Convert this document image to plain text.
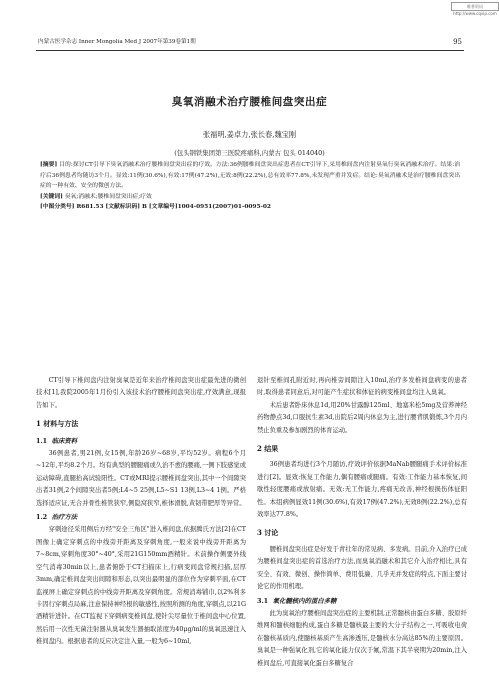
维普资讯 http://www.cqvip.com
内蒙古医学杂志 Inner Mongolia Med J 2007年第39卷第1期	95
臭氧消融术治疗腰椎间盘突出症
张福明,姜卓力,张长春,魏宝刚
(包头钢铁集团第三医院疼痛科,内蒙古 包头 014040)

[摘要] 目的:探讨CT引导下臭氧消融术治疗腰椎间盘突出症的疗效。方法:36例腰椎间盘突出症患者在CT引导下,采用椎间盘内注射臭氧行臭氧消融术治疗。结果:治疗后36例患者均随访3个月。显效:11例(30.6%),有效:17例(47.2%),无效:8例(22.2%),总有效率77.8%,未发现严重并发症。结论:臭氧消融术是治疗腰椎间盘突出症的一种有效、安全的微创方法。

[关键词] 臭氧;消融术;腰椎间盘突出症;疗效

[中图分类号] R681.53 [文献标识码] B [文章编号]1004-0951(2007)01-0095-02

CT引导下椎间盘内注射臭氧是近年来治疗椎间盘突出症最先进的微创技术[1],我院2005年1月份引入该技术治疗腰椎间盘突出症,疗效满意,现报告如下。

1 材料与方法

1.1 临床资料

36例患者,男21例,女15例,年龄26岁~68岁,平均52岁。病程6个月~12年,平均8.2个月。均有典型的腰腿痛或久治不愈的腰痛,一侧下肢感觉或运动障碍,直腿抬高试验阳性。CT或MRI提示腰椎间盘突出,其中一个间隙突出者31例,2个间隙突出者5例;L4~5 25例,L5~S1 13例,L3~4 1例。严格选择适应证,无合并骨性椎管狭窄,侧隐窝狭窄,椎体滑脱,黄韧带肥厚等异常。

1.2 治疗方法

穿刺途径采用侧后方经"安全三角区"进入椎间盘,依据腾氏方法[2]在CT图像上确定穿刺点的中线旁开距离及穿刺角度,一般来说中线旁开距离为7~8cm,穿刺角度30°~40°,采用21G150mm酒精针。术前操作侧要外线空气消毒30min以上,患者俯卧于CT扫描床上,行病变间盘常规扫描,层厚3mm,确定椎间盘突出间隙和形态,以突出最明显的部位作为穿刺平面,在CT监视屏上确定穿刺点的中线旁开距离及穿刺角度。常规消毒铺巾,以2%利多卡因行穿刺点局麻,注意保持神经根的敏感性,按照所测的角度,穿刺点,以21G酒精针进针。在CT监视下穿刺病变椎间盘,使针尖尽量位于椎间盘中心位置,然后用一次性无菌注射器从臭氧发生器抽取浓度为40μg/ml的臭氧迅速注入椎间盘内。根据患者的反应决定注入量,一般为6~10ml,

退针至椎间孔附近时,再向椎旁间隙注入10ml,治疗多发椎间盘病变的患者时,取得患者同意后,对可能产生症状和体征的病变椎间盘均注入臭氧。

术后患者卧床休息1d,用20%甘露醇125ml、地塞米松5mg及营养神经药物静点3d,口服抗生素3d,出院后2周内休息为主,进行腰背肌锻炼,3个月内禁止负重及参加剧烈的体育运动。

2 结果

36例患者均进行3个月随访,疗效评价依据MaNab腰腿痛手术评价标准进行[2]。显效:恢复工作能力,偶有腰痛或腿痛。有效:工作能力基本恢复,间歇性轻度腰痛或放射痛。无效:无工作能力,疼痛无改善,神经根损伤体征阳性。本组病例显效11例(30.6%),有效17例(47.2%),无效8例(22.2%),总有效率达77.8%。

3 讨论

腰椎间盘突出症是好发于青壮年的常见病、多发病。目前,介入治疗已成为腰椎间盘突出症的首选治疗方法,而臭氧消融术和其它介入治疗相比,具有安全、有效、微创、操作简单、费用低廉、几乎无并发症的特点,下面主要讨论它的作用机理。

3.1 氧化髓核内的蛋白多糖

此为臭氧治疗腰椎间盘突出症的主要机制,正常髓核由蛋白多糖、胶原纤维网和髓核细胞构成,蛋白多糖是髓核最主要的大分子结构之一,可吸收电荷在髓核基质内,使髓核基质产生高渗透压,是髓核水分高达85%的主要原因。臭氧是一种强氧化剂,它的氧化能力仅次于氟,常温下其半衰期为20min,注入椎间盘后,可直接氧化蛋白多糖复合
